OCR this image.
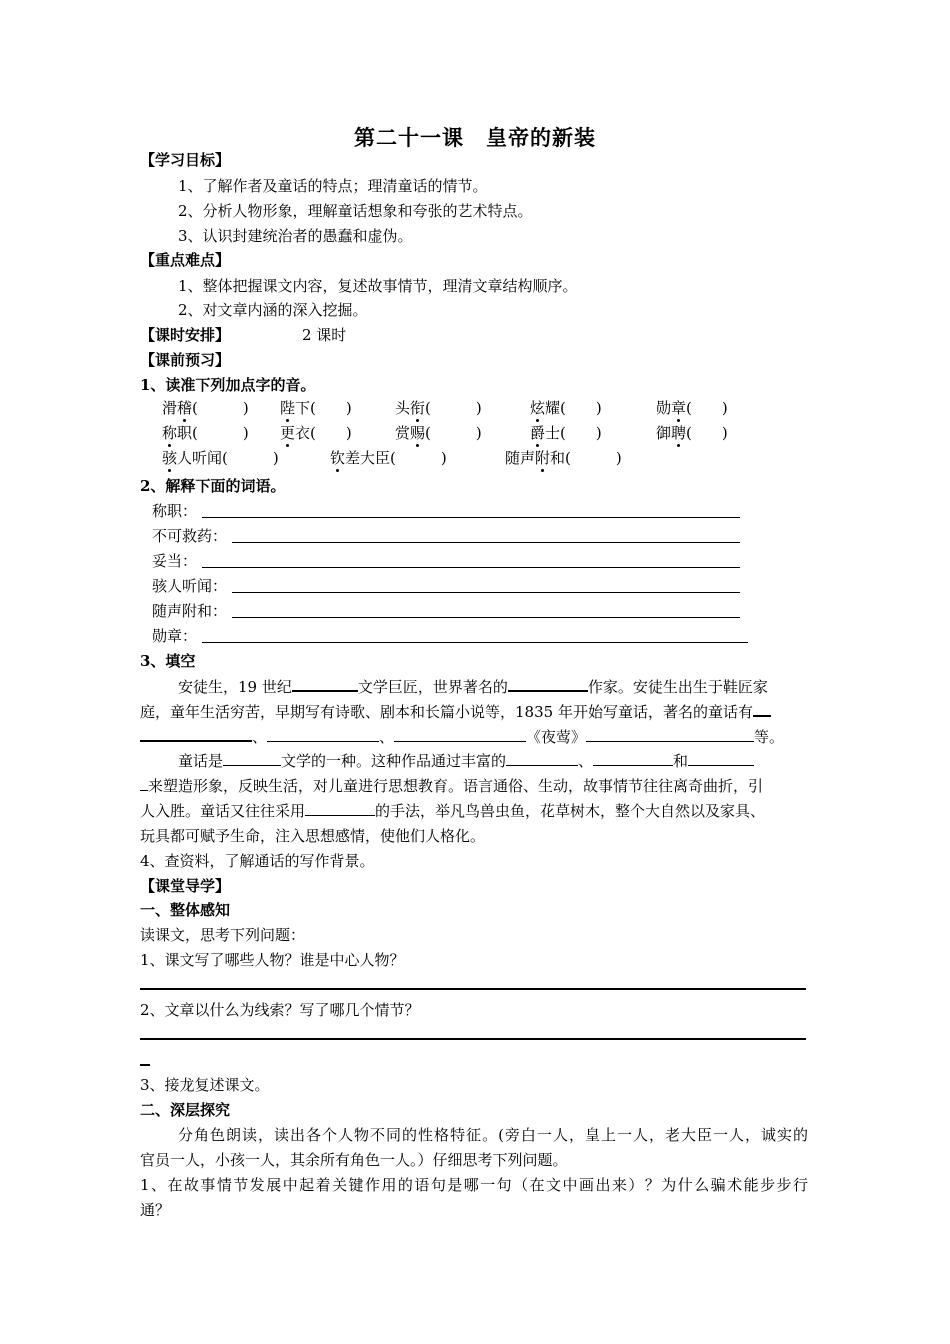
第二十一课　皇帝的新装
【学习目标】
1、了解作者及童话的特点；理清童话的情节。
2、分析人物形象，理解童话想象和夸张的艺术特点。
3、认识封建统治者的愚蠢和虚伪。
【重点难点】
1、整体把握课文内容，复述故事情节，理清文章结构顺序。
2、对文章内涵的深入挖掘。
【课时安排】	2 课时
【课前预习】
1、读准下列加点字的音。
滑稽(　　　) 陛下(　　)	头衔(　　　)	炫耀(　　)	勋章(　　)
称职(　　　) 更衣(　　)	赏赐(　　　)	爵士(　　)	御聘(　　)
骇人听闻(　　　)	钦差大臣(　　　)	随声附和(　　　)
2、解释下面的词语。
称职：
不可救药：
妥当：
骇人听闻：
随声附和：
勋章：
3、填空
安徒生，19 世纪	文学巨匠，世界著名的	作家。安徒生出生于鞋匠家
庭，童年生活穷苦，早期写有诗歌、剧本和长篇小说等，1835 年开始写童话，著名的童话有
、	、	《夜莺》	等。
童话是	文学的一种。这种作品通过丰富的	、	和
来塑造形象，反映生活，对儿童进行思想教育。语言通俗、生动，故事情节往往离奇曲折，引
人入胜。童话又往往采用	的手法，举凡鸟兽虫鱼，花草树木，整个大自然以及家具、
玩具都可赋予生命，注入思想感情，使他们人格化。
4、查资料，了解通话的写作背景。
【课堂导学】
一、整体感知
读课文，思考下列问题：
1、课文写了哪些人物？谁是中心人物？
2、文章以什么为线索？写了哪几个情节？
3、接龙复述课文。
二、深层探究
分角色朗读，读出各个人物不同的性格特征。(旁白一人，皇上一人，老大臣一人，诚实的
官员一人，小孩一人，其余所有角色一人。）仔细思考下列问题。
1、在故事情节发展中起着关键作用的语句是哪一句（在文中画出来）？为什么骗术能步步行
通？
